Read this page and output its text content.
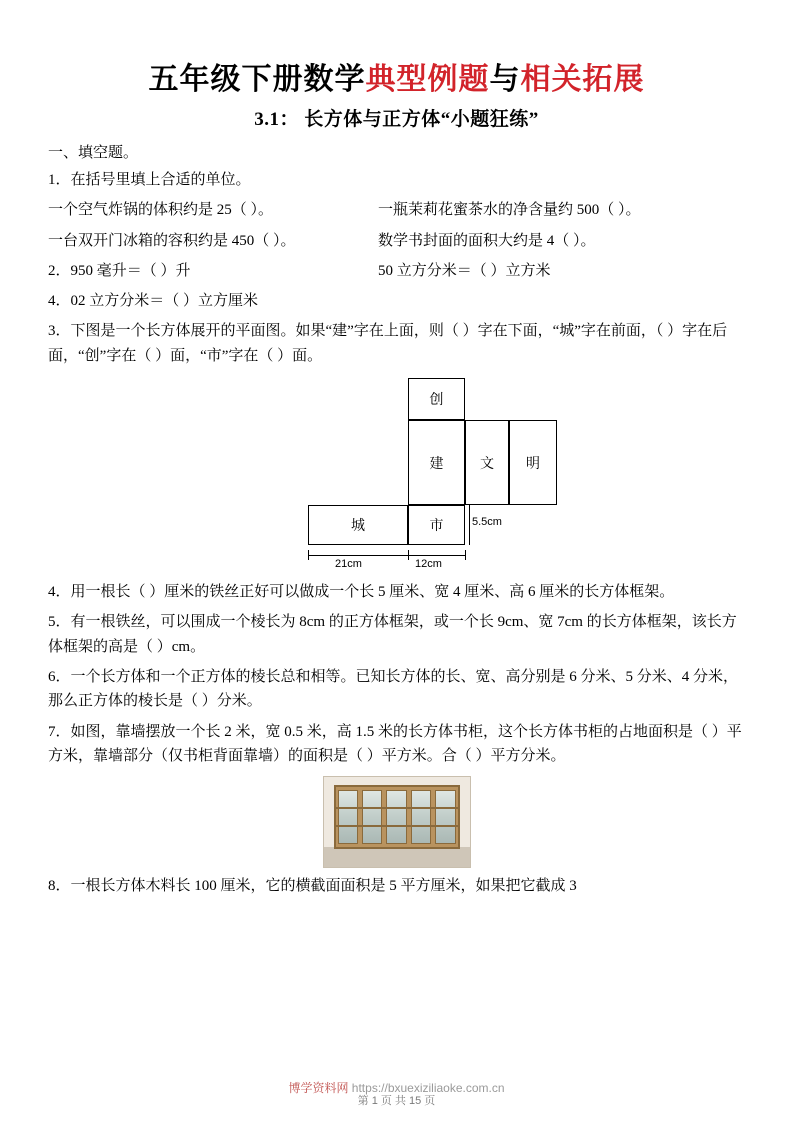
五年级下册数学典型例题与相关拓展
3.1： 长方体与正方体“小题狂练”
一、填空题。
1．在括号里填上合适的单位。
一个空气炸锅的体积约是 25（ ）。	一瓶茉莉花蜜茶水的净含量约 500（ ）。
一台双开门冰箱的容积约是 450（ ）。	数学书封面的面积大约是 4（ ）。
2．950 毫升＝（ ）升	50 立方分米＝（ ）立方米
4．02 立方分米＝（ ）立方厘米
3．下图是一个长方体展开的平面图。如果“建”字在上面，则（ ）字在下面，“城”字在前面，（ ）字在后面，“创”字在（ ）面，“市”字在（ ）面。
创
建	文	明
城	市	5.5cm
21cm	12cm
4．用一根长（ ）厘米的铁丝正好可以做成一个长 5 厘米、宽 4 厘米、高 6 厘米的长方体框架。
5．有一根铁丝，可以围成一个棱长为 8cm 的正方体框架，或一个长 9cm、宽 7cm 的长方体框架，该长方体框架的高是（ ）cm。
6．一个长方体和一个正方体的棱长总和相等。已知长方体的长、宽、高分别是 6 分米、5 分米、4 分米，那么正方体的棱长是（ ）分米。
7．如图，靠墙摆放一个长 2 米，宽 0.5 米，高 1.5 米的长方体书柜，这个长方体书柜的占地面积是（ ）平方米，靠墙部分（仅书柜背面靠墙）的面积是（ ）平方米。合（ ）平方分米。
8．一根长方体木料长 100 厘米，它的横截面面积是 5 平方厘米，如果把它截成 3
博学资料网 https://bxuexiziliaoke.com.cn
第 1 页 共 15 页
